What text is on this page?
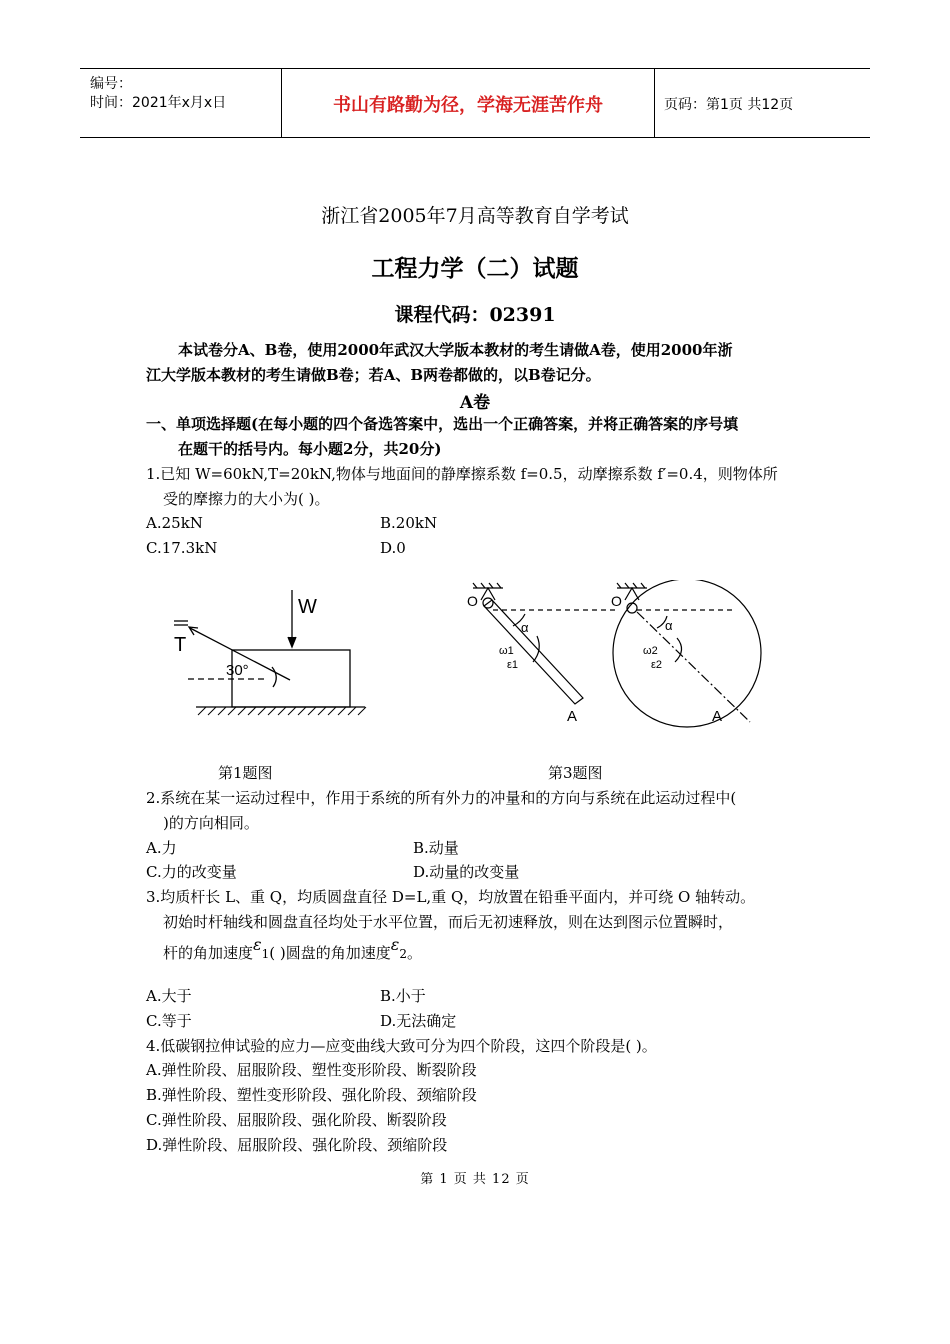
编号：
时间：2021年x月x日	书山有路勤为径，学海无涯苦作舟	页码：第1页 共12页
浙江省2005年7月高等教育自学考试
工程力学（二）试题
课程代码：02391
本试卷分A、B卷，使用2000年武汉大学版本教材的考生请做A卷，使用2000年浙
江大学版本教材的考生请做B卷；若A、B两卷都做的，以B卷记分。
A卷
一、单项选择题(在每小题的四个备选答案中，选出一个正确答案，并将正确答案的序号填
在题干的括号内。每小题2分，共20分)
1.已知 W=60kN,T=20kN,物体与地面间的静摩擦系数 f=0.5，动摩擦系数 f′=0.4，则物体所
受的摩擦力的大小为( )。
A.25kN	B.20kN
C.17.3kN	D.0
W
T
30°
O
A
α
ω1
ε1
O
A
α
ω2
ε2
第1题图	第3题图
2.系统在某一运动过程中，作用于系统的所有外力的冲量和的方向与系统在此运动过程中(
)的方向相同。
A.力	B.动量
C.力的改变量	D.动量的改变量
3.均质杆长 L、重 Q，均质圆盘直径 D=L,重 Q，均放置在铅垂平面内，并可绕 O 轴转动。
初始时杆轴线和圆盘直径均处于水平位置，而后无初速释放，则在达到图示位置瞬时，
杆的角加速度ε1( )圆盘的角加速度ε2。
A.大于	B.小于
C.等于	D.无法确定
4.低碳钢拉伸试验的应力—应变曲线大致可分为四个阶段，这四个阶段是( )。
A.弹性阶段、屈服阶段、塑性变形阶段、断裂阶段
B.弹性阶段、塑性变形阶段、强化阶段、颈缩阶段
C.弹性阶段、屈服阶段、强化阶段、断裂阶段
D.弹性阶段、屈服阶段、强化阶段、颈缩阶段
第 1 页 共 12 页
